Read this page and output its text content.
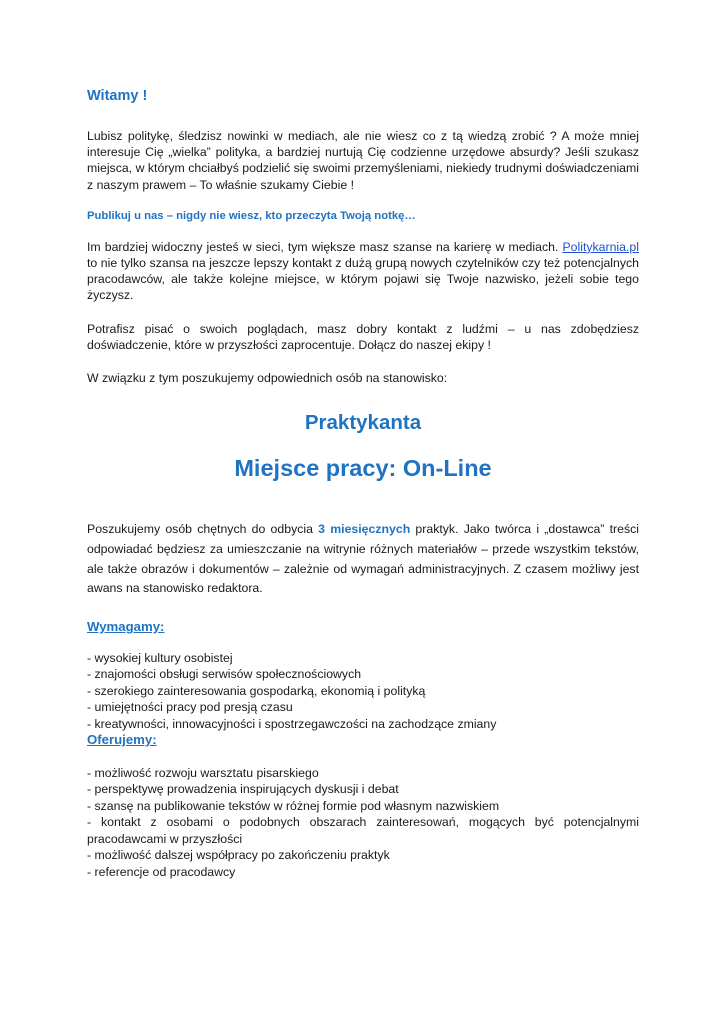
Witamy !

Lubisz politykę, śledzisz nowinki w mediach, ale nie wiesz co z tą wiedzą zrobić ? A może mniej interesuje Cię „wielka” polityka, a bardziej nurtują Cię codzienne urzędowe absurdy? Jeśli szukasz miejsca, w którym chciałbyś podzielić się swoimi przemyśleniami, niekiedy trudnymi doświadczeniami z naszym prawem – To właśnie szukamy Ciebie !

Publikuj u nas – nigdy nie wiesz, kto przeczyta Twoją notkę…

Im bardziej widoczny jesteś w sieci, tym większe masz szanse na karierę w mediach. Politykarnia.pl to nie tylko szansa na jeszcze lepszy kontakt z dużą grupą nowych czytelników czy też potencjalnych pracodawców, ale także kolejne miejsce, w którym pojawi się Twoje nazwisko, jeżeli sobie tego życzysz.

Potrafisz pisać o swoich poglądach, masz dobry kontakt z ludźmi – u nas zdobędziesz doświadczenie, które w przyszłości zaprocentuje. Dołącz do naszej ekipy !

W związku z tym poszukujemy odpowiednich osób na stanowisko:

Praktykanta
Miejsce pracy: On-Line

Poszukujemy osób chętnych do odbycia 3 miesięcznych praktyk. Jako twórca i „dostawca” treści odpowiadać będziesz za umieszczanie na witrynie różnych materiałów – przede wszystkim tekstów, ale także obrazów i dokumentów – zależnie od wymagań administracyjnych. Z czasem możliwy jest awans na stanowisko redaktora.

Wymagamy:
- wysokiej kultury osobistej
- znajomości obsługi serwisów społecznościowych
- szerokiego zainteresowania gospodarką, ekonomią i polityką
- umiejętności pracy pod presją czasu
- kreatywności, innowacyjności i spostrzegawczości na zachodzące zmiany
Oferujemy:
- możliwość rozwoju warsztatu pisarskiego
- perspektywę prowadzenia inspirujących dyskusji i debat
- szansę na publikowanie tekstów w różnej formie pod własnym nazwiskiem
- kontakt z osobami o podobnych obszarach zainteresowań, mogących być potencjalnymi pracodawcami w przyszłości
- możliwość dalszej współpracy po zakończeniu praktyk
- referencje od pracodawcy
